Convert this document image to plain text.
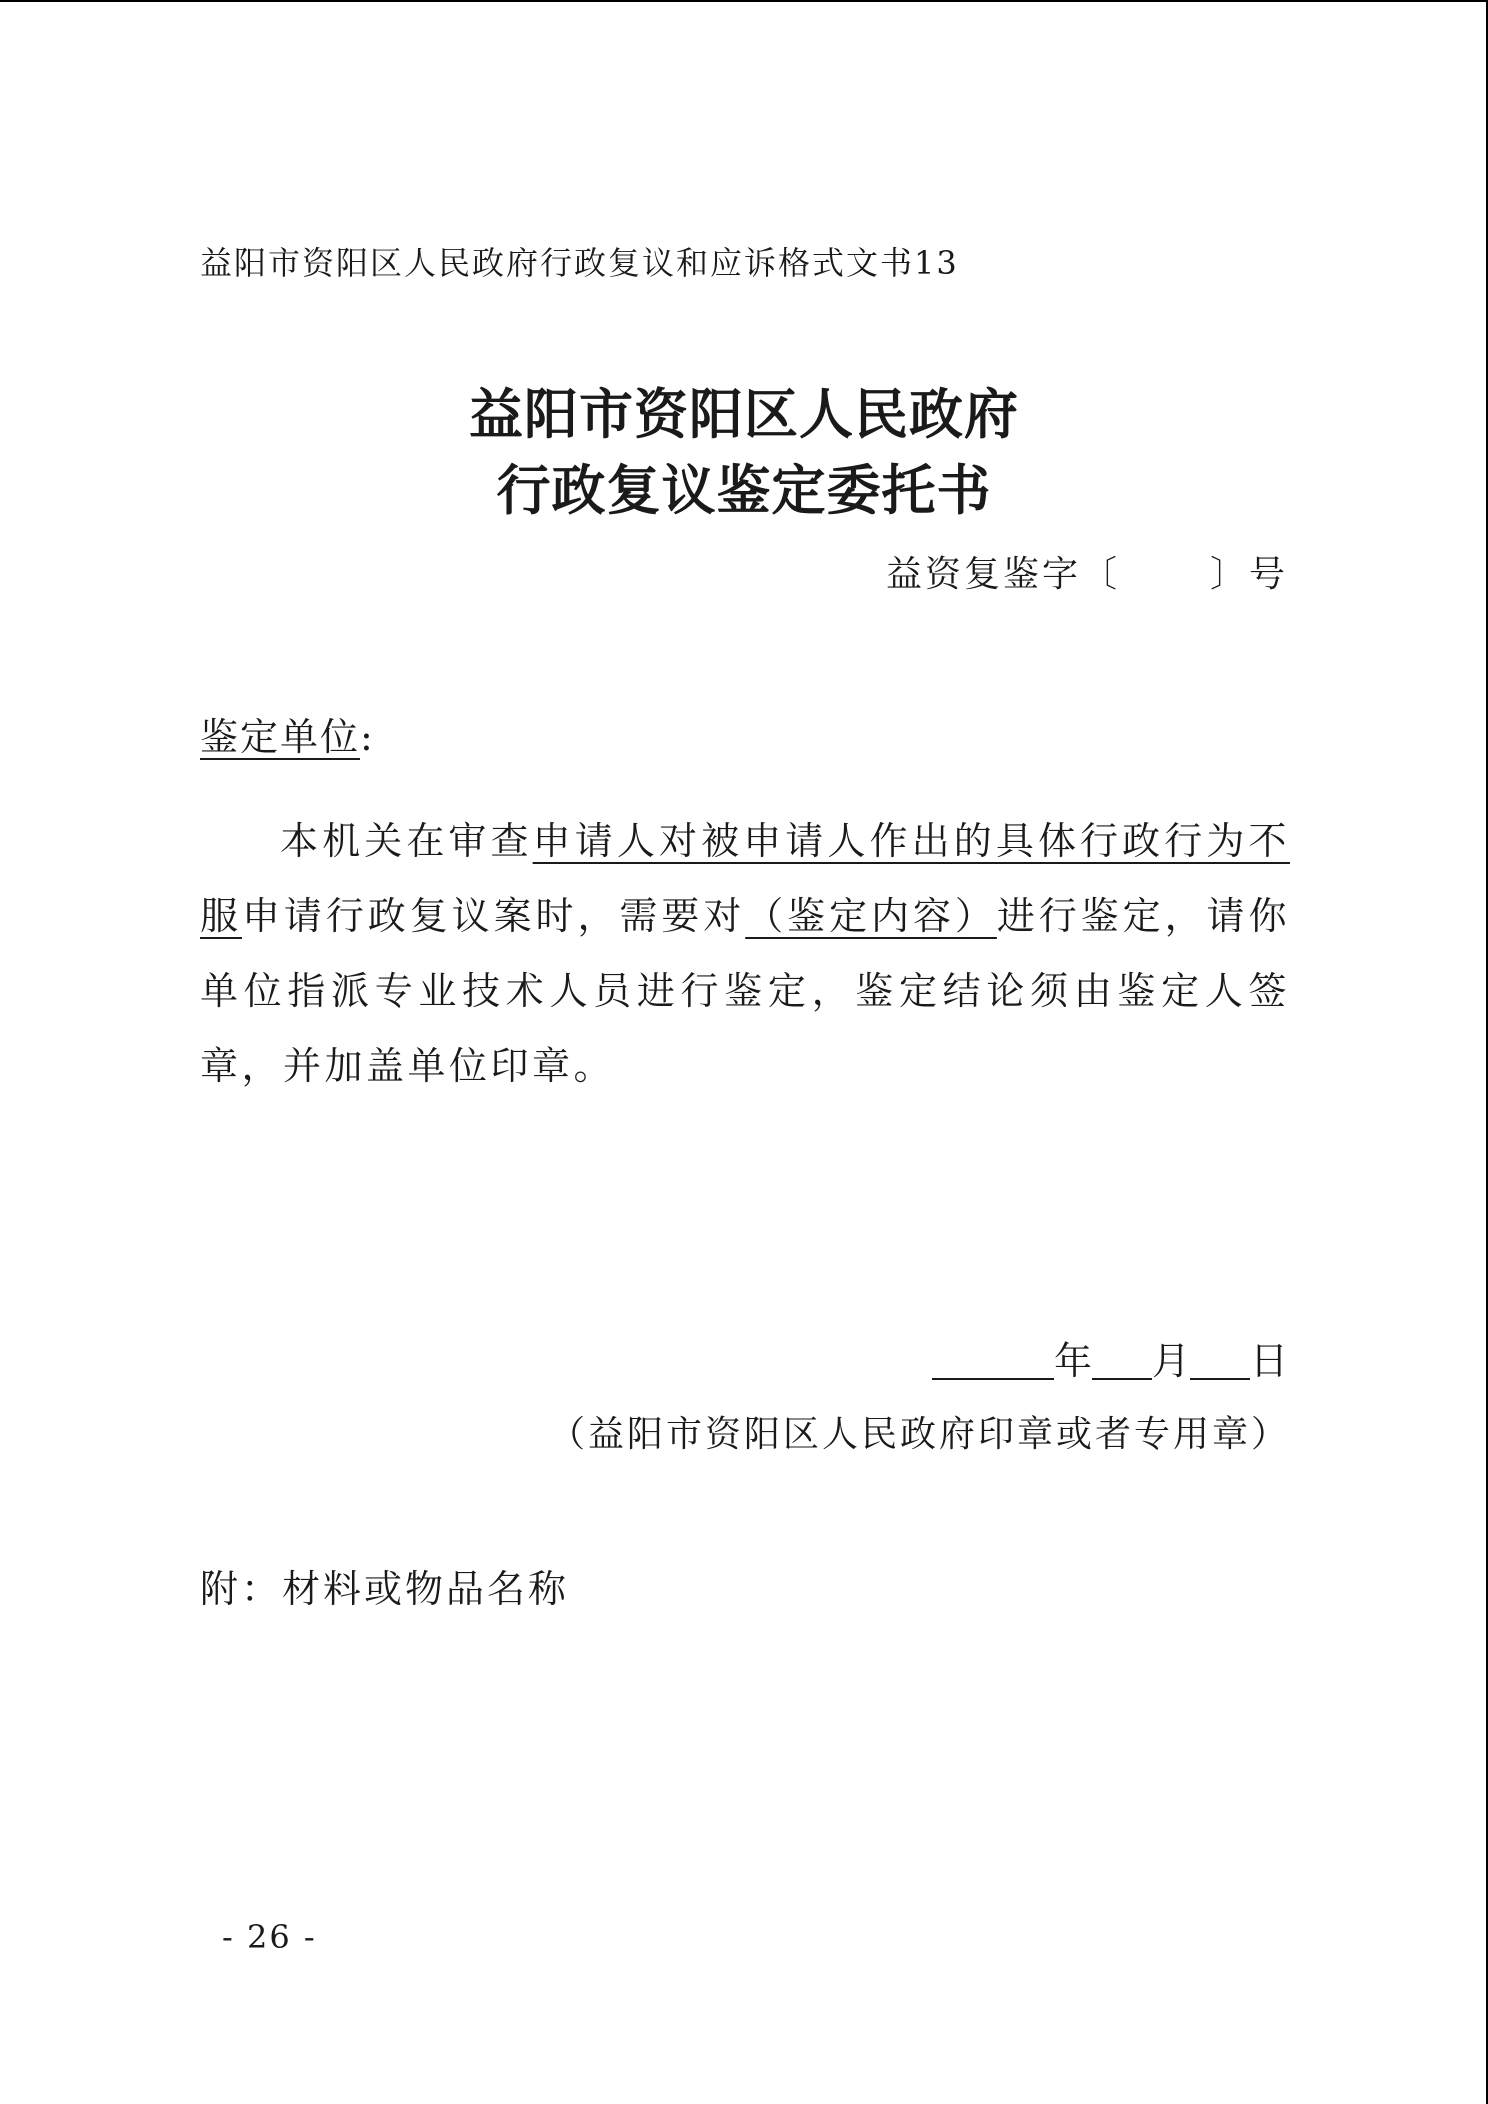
益阳市资阳区人民政府行政复议和应诉格式文书13
益阳市资阳区人民政府
行政复议鉴定委托书
益资复鉴字〔	〕号
鉴定单位:
本机关在审查申请人对被申请人作出的具体行政行为不服申请行政复议案时，需要对（鉴定内容）进行鉴定，请你单位指派专业技术人员进行鉴定，鉴定结论须由鉴定人签章，并加盖单位印章。
年 月 日
（益阳市资阳区人民政府印章或者专用章）
附：材料或物品名称
- 26 -
